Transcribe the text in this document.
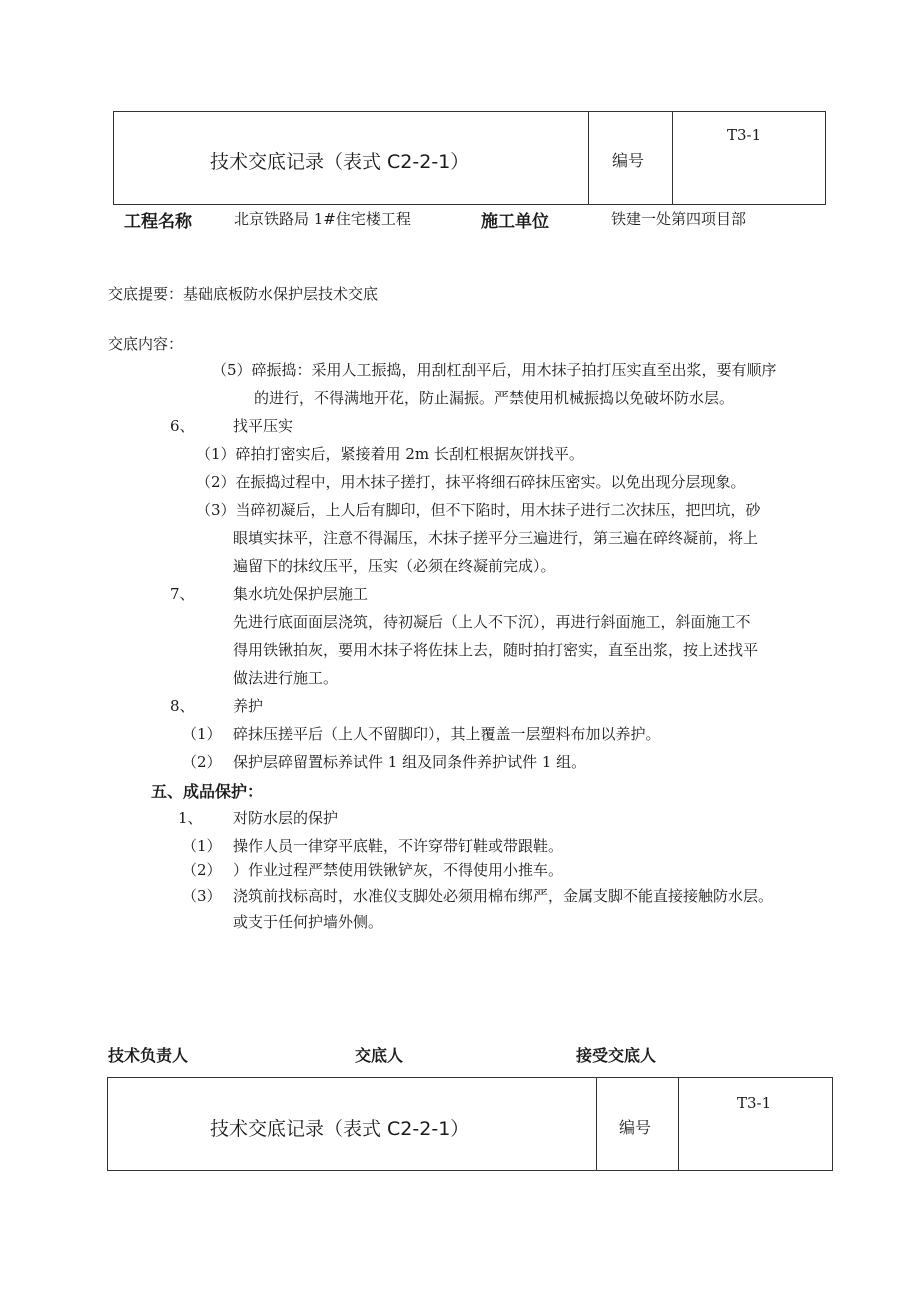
技术交底记录（表式 C2-2-1）	编号
T3-1
工程名称	北京铁路局 1#住宅楼工程	施工单位	铁建一处第四项目部
交底提要：基础底板防水保护层技术交底
交底内容：
（5）碎振捣：采用人工振捣，用刮杠刮平后，用木抹子拍打压实直至出浆，要有顺序
的进行，不得满地开花，防止漏振。严禁使用机械振捣以免破坏防水层。
6、	找平压实
（1）碎拍打密实后，紧接着用 2m 长刮杠根据灰饼找平。
（2）在振捣过程中，用木抹子搓打，抹平将细石碎抹压密实。以免出现分层现象。
（3）当碎初凝后，上人后有脚印，但不下陷时，用木抹子进行二次抹压，把凹坑，砂
眼填实抹平，注意不得漏压，木抹子搓平分三遍进行，第三遍在碎终凝前，将上
遍留下的抹纹压平，压实（必须在终凝前完成）。
7、	集水坑处保护层施工
先进行底面面层浇筑，待初凝后（上人不下沉），再进行斜面施工，斜面施工不
得用铁锹拍灰，要用木抹子将佐抹上去，随时拍打密实，直至出浆，按上述找平
做法进行施工。
8、	养护
（1） 碎抹压搓平后（上人不留脚印），其上覆盖一层塑料布加以养护。
（2） 保护层碎留置标养试件 1 组及同条件养护试件 1 组。
五、成品保护：
1、 对防水层的保护
（1） 操作人员一律穿平底鞋，不许穿带钉鞋或带跟鞋。
（2） ）作业过程严禁使用铁锹铲灰，不得使用小推车。
（3） 浇筑前找标高时，水准仪支脚处必须用棉布绑严，金属支脚不能直接接触防水层。
或支于任何护墙外侧。
技术负责人	交底人	接受交底人
技术交底记录（表式 C2-2-1）	编号
T3-1
